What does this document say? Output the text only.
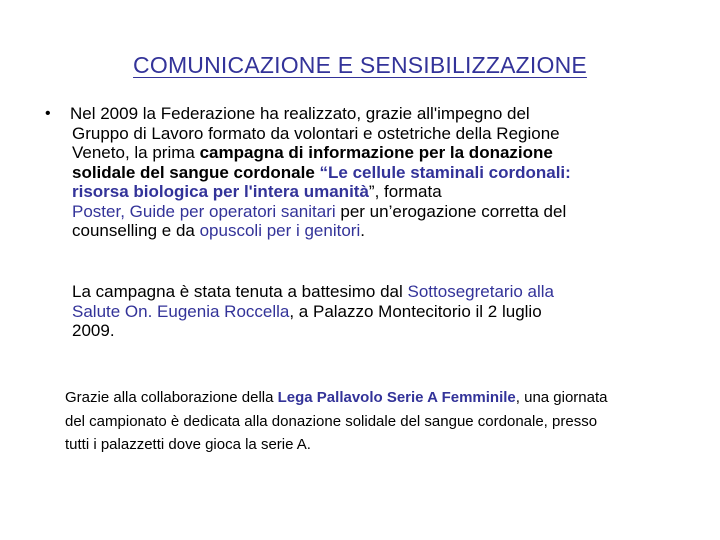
COMUNICAZIONE E SENSIBILIZZAZIONE
• Nel 2009 la Federazione ha realizzato, grazie all'impegno del
Gruppo di Lavoro formato da volontari e ostetriche della Regione
Veneto, la prima campagna di informazione per la donazione
solidale del sangue cordonale “Le cellule staminali cordonali:
risorsa biologica per l'intera umanità”, formata
Poster, Guide per operatori sanitari per un’erogazione corretta del
counselling e da opuscoli per i genitori.
La campagna è stata tenuta a battesimo dal Sottosegretario alla
Salute On. Eugenia Roccella, a Palazzo Montecitorio il 2 luglio
2009.
Grazie alla collaborazione della Lega Pallavolo Serie A Femminile, una giornata
del campionato è dedicata alla donazione solidale del sangue cordonale, presso
tutti i palazzetti dove gioca la serie A.
